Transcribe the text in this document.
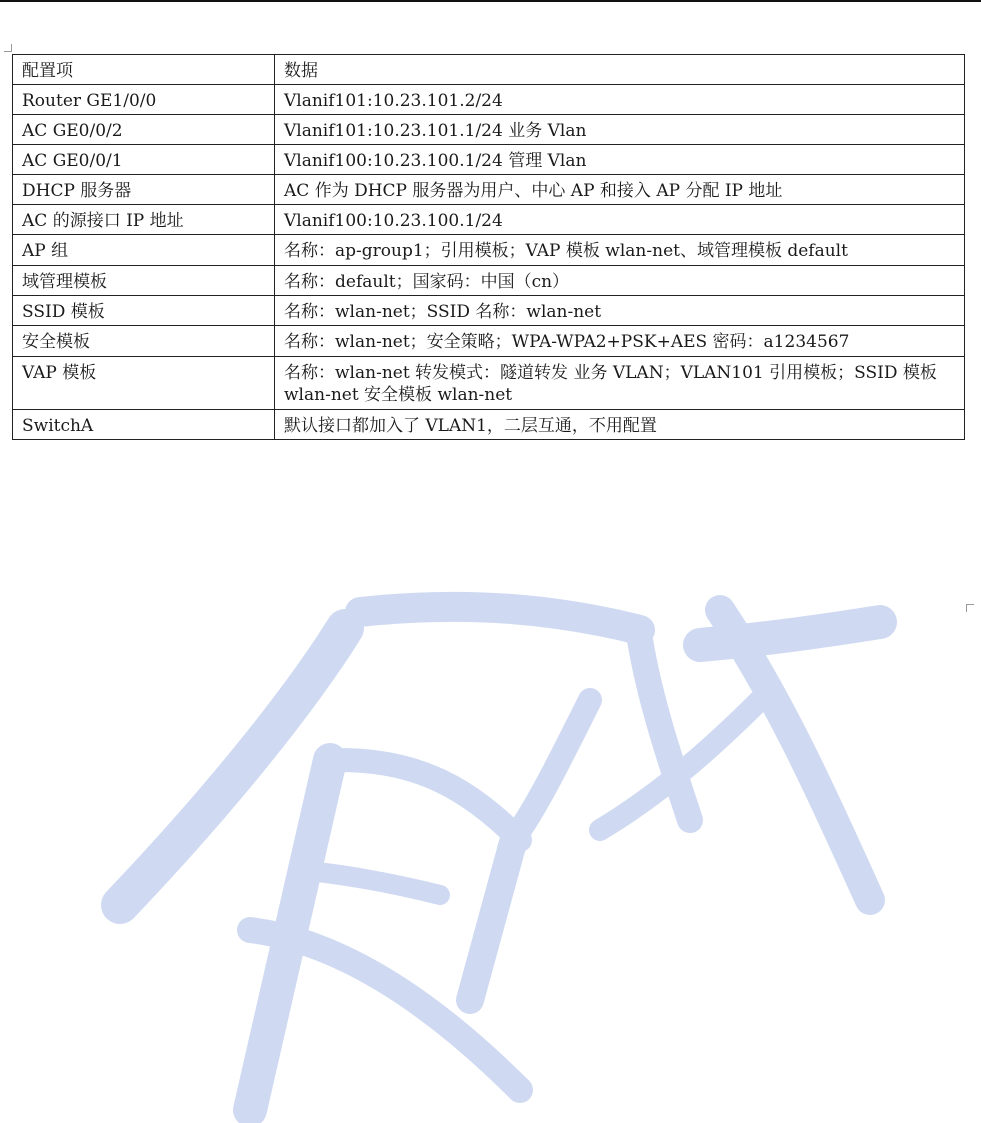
配置项	数据
Router GE1/0/0	Vlanif101:10.23.101.2/24
AC GE0/0/2	Vlanif101:10.23.101.1/24 业务 Vlan
AC GE0/0/1	Vlanif100:10.23.100.1/24 管理 Vlan
DHCP 服务器	AC 作为 DHCP 服务器为用户、中心 AP 和接入 AP 分配 IP 地址
AC 的源接口 IP 地址	Vlanif100:10.23.100.1/24
AP 组	名称：ap-group1；引用模板；VAP 模板 wlan-net、域管理模板 default
域管理模板	名称：default；国家码：中国（cn）
SSID 模板	名称：wlan-net；SSID 名称：wlan-net
安全模板	名称：wlan-net；安全策略；WPA-WPA2+PSK+AES 密码：a1234567
VAP 模板	名称：wlan-net 转发模式：隧道转发 业务 VLAN；VLAN101 引用模板；SSID 模板 wlan-net 安全模板 wlan-net
SwitchA	默认接口都加入了 VLAN1，二层互通，不用配置
